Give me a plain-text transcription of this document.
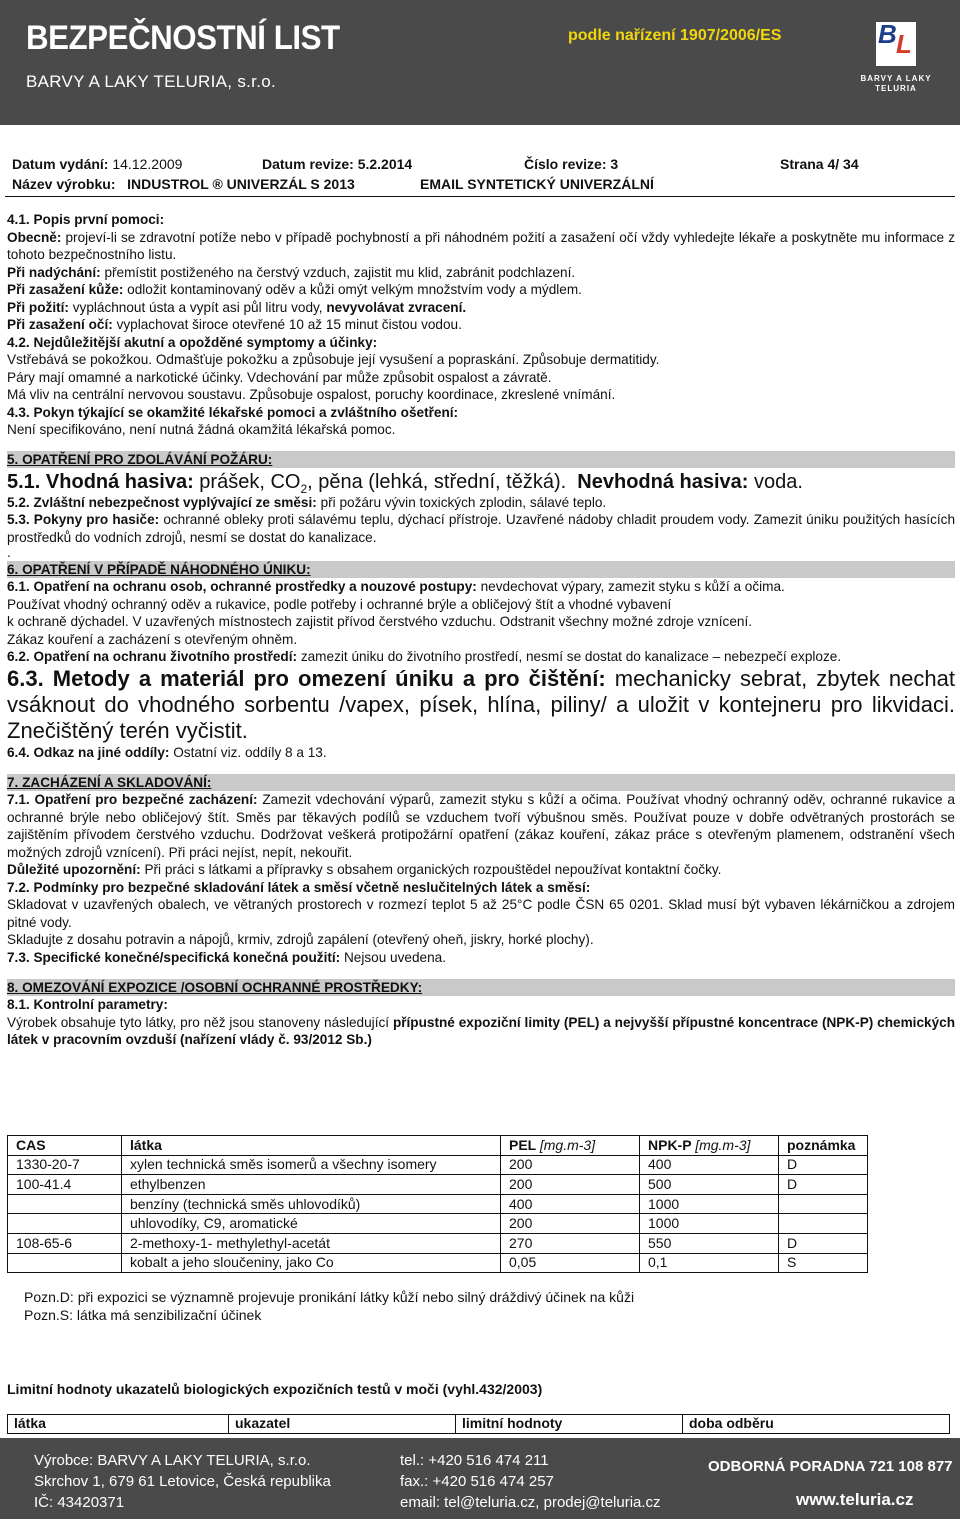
BEZPEČNOSTNÍ LIST
BARVY A LAKY TELURIA, s.r.o.
podle nařízení 1907/2006/ES	B L
BARVY A LAKY
TELURIA
Datum vydání: 14.12.2009	Datum revize: 5.2.2014	Číslo revize: 3	Strana 4/ 34
Název výrobku: INDUSTROL ® UNIVERZÁL S 2013	EMAIL SYNTETICKÝ UNIVERZÁLNÍ

4.1. Popis první pomoci:

Obecně: projeví-li se zdravotní potíže nebo v případě pochybností a při náhodném požití a zasažení očí vždy vyhledejte lékaře a poskytněte mu informace z tohoto bezpečnostního listu.

Při nadýchání: přemístit postiženého na čerstvý vzduch, zajistit mu klid, zabránit podchlazení.

Při zasažení kůže: odložit kontaminovaný oděv a kůži omýt velkým množstvím vody a mýdlem.

Při požití: vypláchnout ústa a vypít asi půl litru vody, nevyvolávat zvracení.

Při zasažení očí: vyplachovat široce otevřené 10 až 15 minut čistou vodou.

4.2. Nejdůležitější akutní a opožděné symptomy a účinky:

Vstřebává se pokožkou. Odmašťuje pokožku a způsobuje její vysušení a popraskání. Způsobuje dermatitidy.

Páry mají omamné a narkotické účinky. Vdechování par může způsobit ospalost a závratě.

Má vliv na centrální nervovou soustavu. Způsobuje ospalost, poruchy koordinace, zkreslené vnímání.

4.3. Pokyn týkající se okamžité lékařské pomoci a zvláštního ošetření:

Není specifikováno, není nutná žádná okamžitá lékařská pomoc.

5. OPATŘENÍ PRO ZDOLÁVÁNÍ POŽÁRU:

5.1. Vhodná hasiva: prášek, $CO_2$, pěna (lehká, střední, těžká). Nevhodná hasiva: voda.

5.2. Zvláštní nebezpečnost vyplývající ze směsi: při požáru vývin toxických zplodin, sálavé teplo.

5.3. Pokyny pro hasiče: ochranné obleky proti sálavému teplu, dýchací přístroje. Uzavřené nádoby chladit proudem vody. Zamezit úniku použitých hasících prostředků do vodních zdrojů, nesmí se dostat do kanalizace.

.

6. OPATŘENÍ V PŘÍPADĚ NÁHODNÉHO ÚNIKU:

6.1. Opatření na ochranu osob, ochranné prostředky a nouzové postupy: nevdechovat výpary, zamezit styku s kůží a očima.

Používat vhodný ochranný oděv a rukavice, podle potřeby i ochranné brýle a obličejový štít a vhodné vybavení

k ochraně dýchadel. V uzavřených místnostech zajistit přívod čerstvého vzduchu. Odstranit všechny možné zdroje vznícení.

Zákaz kouření a zacházení s otevřeným ohněm.

6.2. Opatření na ochranu životního prostředí: zamezit úniku do životního prostředí, nesmí se dostat do kanalizace – nebezpečí exploze.

6.3. Metody a materiál pro omezení úniku a pro čištění: mechanicky sebrat, zbytek nechat vsáknout do vhodného sorbentu /vapex, písek, hlína, piliny/ a uložit v kontejneru pro likvidaci. Znečištěný terén vyčistit.

6.4. Odkaz na jiné oddíly: Ostatní viz. oddíly 8 a 13.

7. ZACHÁZENÍ A SKLADOVÁNÍ:

7.1. Opatření pro bezpečné zacházení: Zamezit vdechování výparů, zamezit styku s kůží a očima. Používat vhodný ochranný oděv, ochranné rukavice a ochranné brýle nebo obličejový štít. Směs par těkavých podílů se vzduchem tvoří výbušnou směs. Používat pouze v dobře odvětraných prostorách se zajištěním přívodem čerstvého vzduchu. Dodržovat veškerá protipožární opatření (zákaz kouření, zákaz práce s otevřeným plamenem, odstranění všech možných zdrojů vznícení). Při práci nejíst, nepít, nekouřit.

Důležité upozornění: Při práci s látkami a přípravky s obsahem organických rozpouštědel nepoužívat kontaktní čočky.

7.2. Podmínky pro bezpečné skladování látek a směsí včetně neslučitelných látek a směsí:

Skladovat v uzavřených obalech, ve větraných prostorech v rozmezí teplot 5 až 25°C podle ČSN 65 0201. Sklad musí být vybaven lékárničkou a zdrojem pitné vody.

Skladujte z dosahu potravin a nápojů, krmiv, zdrojů zapálení (otevřený oheň, jiskry, horké plochy).

7.3. Specifické konečné/specifická konečná použití: Nejsou uvedena.

8. OMEZOVÁNÍ EXPOZICE /OSOBNÍ OCHRANNÉ PROSTŘEDKY:

8.1. Kontrolní parametry:

Výrobek obsahuje tyto látky, pro něž jsou stanoveny následující přípustné expoziční limity (PEL) a nejvyšší přípustné koncentrace (NPK-P) chemických látek v pracovním ovzduší (nařízení vlády č. 93/2012 Sb.)

CAS	látka	PEL [mg.m-3]	NPK-P [mg.m-3]	poznámka
1330-20-7	xylen technická směs isomerů a všechny isomery	200	400	D
100-41.4	ethylbenzen	200	500	D
	benzíny (technická směs uhlovodíků)	400	1000	
	uhlovodíky, C9, aromatické	200	1000	
108-65-6	2-methoxy-1- methylethyl-acetát	270	550	D
	kobalt a jeho sloučeniny, jako Co	0,05	0,1	S
Pozn.D: při expozici se významně projevuje pronikání látky kůží nebo silný dráždivý účinek na kůži
Pozn.S: látka má senzibilizační účinek
Limitní hodnoty ukazatelů biologických expozičních testů v moči (vyhl.432/2003)
látka	ukazatel	limitní hodnoty	doba odběru
Výrobce: BARVY A LAKY TELURIA, s.r.o.
Skrchov 1, 679 61 Letovice, Česká republika
IČ: 43420371
tel.: +420 516 474 211
fax.: +420 516 474 257
email: tel@teluria.cz, prodej@teluria.cz
ODBORNÁ PORADNA 721 108 877
www.teluria.cz
